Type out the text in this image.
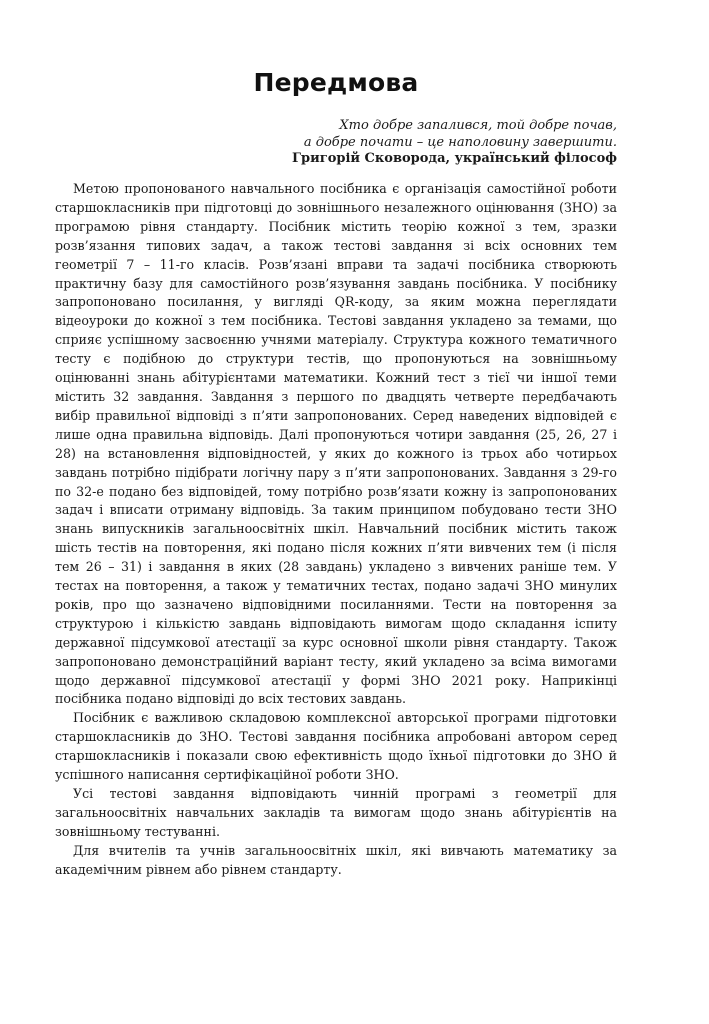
Передмова
Хто добре запалився, той добре почав,
а добре почати – це наполовину завершити.
Григорій Сковорода, український філософ

Метою пропонованого навчального посібника є організація самостійної роботи старшокласників при підготовці до зовнішнього незалежного оцінювання (ЗНО) за програмою рівня стандарту. Посібник містить теорію кожної з тем, зразки розв’язання типових задач, а також тестові завдання зі всіх основних тем геометрії 7 – 11-го класів. Розв’язані вправи та задачі посібника створюють практичну базу для самостійного розв’язування завдань посібника. У посібнику запропоновано посилання, у вигляді QR-коду, за яким можна переглядати відеоуроки до кожної з тем посібника. Тестові завдання укладено за темами, що сприяє успішному засвоєнню учнями матеріалу. Структура кожного тематичного тесту є подібною до структури тестів, що пропонуються на зовнішньому оцінюванні знань абітурієнтами математики. Кожний тест з тієї чи іншої теми містить 32 завдання. Завдання з першого по двадцять четверте передбачають вибір правильної відповіді з п’яти запропонованих. Серед наведених відповідей є лише одна правильна відповідь. Далі пропонуються чотири завдання (25, 26, 27 і 28) на встановлення відповідностей, у яких до кожного із трьох або чотирьох завдань потрібно підібрати логічну пару з п’яти запропонованих. Завдання з 29-го по 32-е подано без відповідей, тому потрібно розв’язати кожну із запропонованих задач і вписати отриману відповідь. За таким принципом побудовано тести ЗНО знань випускників загальноосвітніх шкіл. Навчальний посібник містить також шість тестів на повторення, які подано після кожних п’яти вивчених тем (і після тем 26 – 31) і завдання в яких (28 завдань) укладено з вивчених раніше тем. У тестах на повторення, а також у тематичних тестах, подано задачі ЗНО минулих років, про що зазначено відповідними посиланнями. Тести на повторення за структурою і кількістю завдань відповідають вимогам щодо складання іспиту державної підсумкової атестації за курс основної школи рівня стандарту. Також запропоновано демонстраційний варіант тесту, який укладено за всіма вимогами щодо державної підсумкової атестації у формі ЗНО 2021 року. Наприкінці посібника подано відповіді до всіх тестових завдань.

Посібник є важливою складовою комплексної авторської програми підготовки старшокласників до ЗНО. Тестові завдання посібника апробовані автором серед старшокласників і показали свою ефективність щодо їхньої підготовки до ЗНО й успішного написання сертифікаційної роботи ЗНО.

Усі тестові завдання відповідають чинній програмі з геометрії для загальноосвітніх навчальних закладів та вимогам щодо знань абітурієнтів на зовнішньому тестуванні.

Для вчителів та учнів загальноосвітніх шкіл, які вивчають математику за академічним рівнем або рівнем стандарту.
